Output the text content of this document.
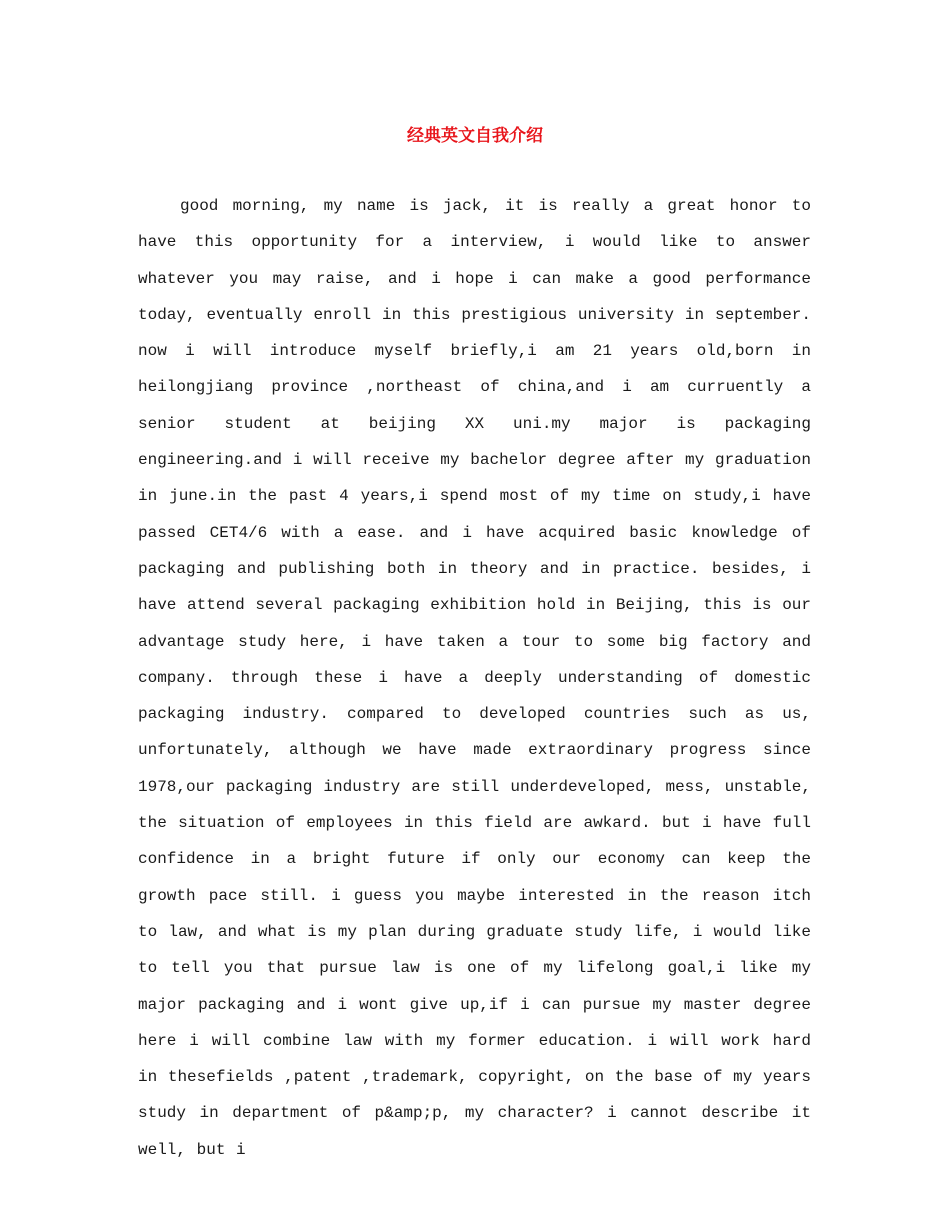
经典英文自我介绍

good morning, my name is jack, it is really a great honor to have this opportunity for a interview, i would like to answer whatever you may raise, and i hope i can make a good performance today, eventually enroll in this prestigious university in september. now i will introduce myself briefly,i am 21 years old,born in heilongjiang province ,northeast of china,and i am curruently a senior student at beijing XX uni.my major is packaging engineering.and i will receive my bachelor degree after my graduation in june.in the past 4 years,i spend most of my time on study,i have passed CET4/6 with a ease. and i have acquired basic knowledge of packaging and publishing both in theory and in practice. besides, i have attend several packaging exhibition hold in Beijing, this is our advantage study here, i have taken a tour to some big factory and company. through these i have a deeply understanding of domestic packaging industry. compared to developed countries such as us, unfortunately, although we have made extraordinary progress since 1978,our packaging industry are still underdeveloped, mess, unstable, the situation of employees in this field are awkard. but i have full confidence in a bright future if only our economy can keep the growth pace still. i guess you maybe interested in the reason itch to law, and what is my plan during graduate study life, i would like to tell you that pursue law is one of my lifelong goal,i like my major packaging and i wont give up,if i can pursue my master degree here i will combine law with my former education. i will work hard in thesefields ,patent ,trademark, copyright, on the base of my years study in department of p&amp;p, my character? i cannot describe it well, but i
